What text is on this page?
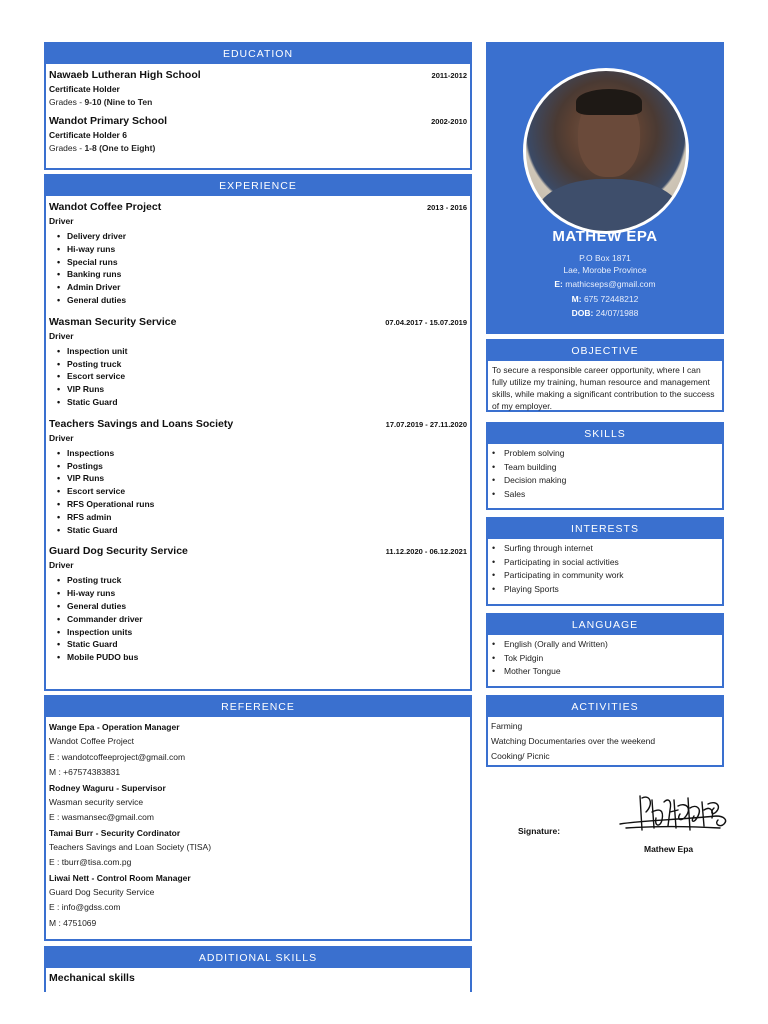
EDUCATION
Nawaeb Lutheran High School	2011-2012
Certificate Holder
Grades - 9-10 (Nine to Ten
Wandot Primary School	2002-2010
Certificate Holder 6
Grades - 1-8 (One to Eight)
EXPERIENCE
Wandot Coffee Project	2013 - 2016
Driver
• Delivery driver
• Hi-way runs
• Special runs
• Banking runs
• Admin Driver
• General duties
Wasman Security Service	07.04.2017 - 15.07.2019
Driver
• Inspection unit
• Posting truck
• Escort service
• VIP Runs
• Static Guard
Teachers Savings and Loans Society	17.07.2019 - 27.11.2020
Driver
• Inspections
• Postings
• VIP Runs
• Escort service
• RFS Operational runs
• RFS admin
• Static Guard
Guard Dog Security Service	11.12.2020 - 06.12.2021
Driver
• Posting truck
• Hi-way runs
• General duties
• Commander driver
• Inspection units
• Static Guard
• Mobile PUDO bus
REFERENCE
Wange Epa - Operation Manager
Wandot Coffee Project
E : wandotcoffeeproject@gmail.com
M : +67574383831
Rodney Waguru - Supervisor
Wasman security service
E : wasmansec@gmail.com
Tamai Burr - Security Cordinator
Teachers Savings and Loan Society (TISA)
E : tburr@tisa.com.pg
Liwai Nett - Control Room Manager
Guard Dog Security Service
E : info@gdss.com
M : 4751069
ADDITIONAL SKILLS
Mechanical skills
MATHEW EPA
P.O Box 1871
Lae, Morobe Province
E: mathicseps@gmail.com
M: 675 72448212
DOB: 24/07/1988
OBJECTIVE
To secure a responsible career opportunity, where I can fully utilize my training, human resource and management skills, while making a significant contribution to the success of my employer.
SKILLS
• Problem solving
• Team building
• Decision making
• Sales
INTERESTS
• Surfing through internet
• Participating in social activities
• Participating in community work
• Playing Sports
LANGUAGE
• English (Orally and Written)
• Tok Pidgin
• Mother Tongue
ACTIVITIES
Farming
Watching Documentaries over the weekend
Cooking/ Picnic
Signature:
Mathew Epa
